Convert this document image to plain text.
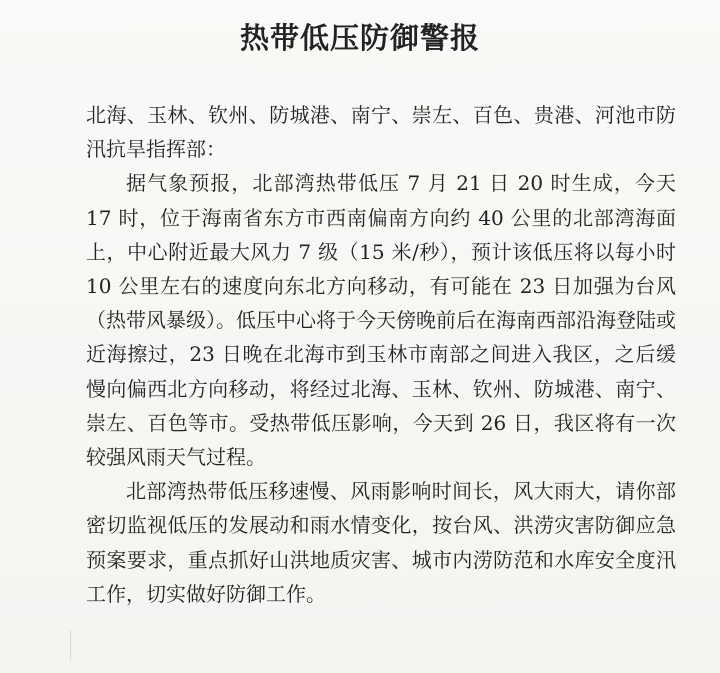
热带低压防御警报

北海、玉林、钦州、防城港、南宁、崇左、百色、贵港、河池市防汛抗旱指挥部：

据气象预报，北部湾热带低压 7 月 21 日 20 时生成，今天 17 时，位于海南省东方市西南偏南方向约 40 公里的北部湾海面上，中心附近最大风力 7 级（15 米/秒），预计该低压将以每小时 10 公里左右的速度向东北方向移动，有可能在 23 日加强为台风（热带风暴级）。低压中心将于今天傍晚前后在海南西部沿海登陆或近海擦过，23 日晚在北海市到玉林市南部之间进入我区，之后缓慢向偏西北方向移动，将经过北海、玉林、钦州、防城港、南宁、崇左、百色等市。受热带低压影响，今天到 26 日，我区将有一次较强风雨天气过程。

北部湾热带低压移速慢、风雨影响时间长，风大雨大，请你部密切监视低压的发展动和雨水情变化，按台风、洪涝灾害防御应急预案要求，重点抓好山洪地质灾害、城市内涝防范和水库安全度汛工作，切实做好防御工作。
